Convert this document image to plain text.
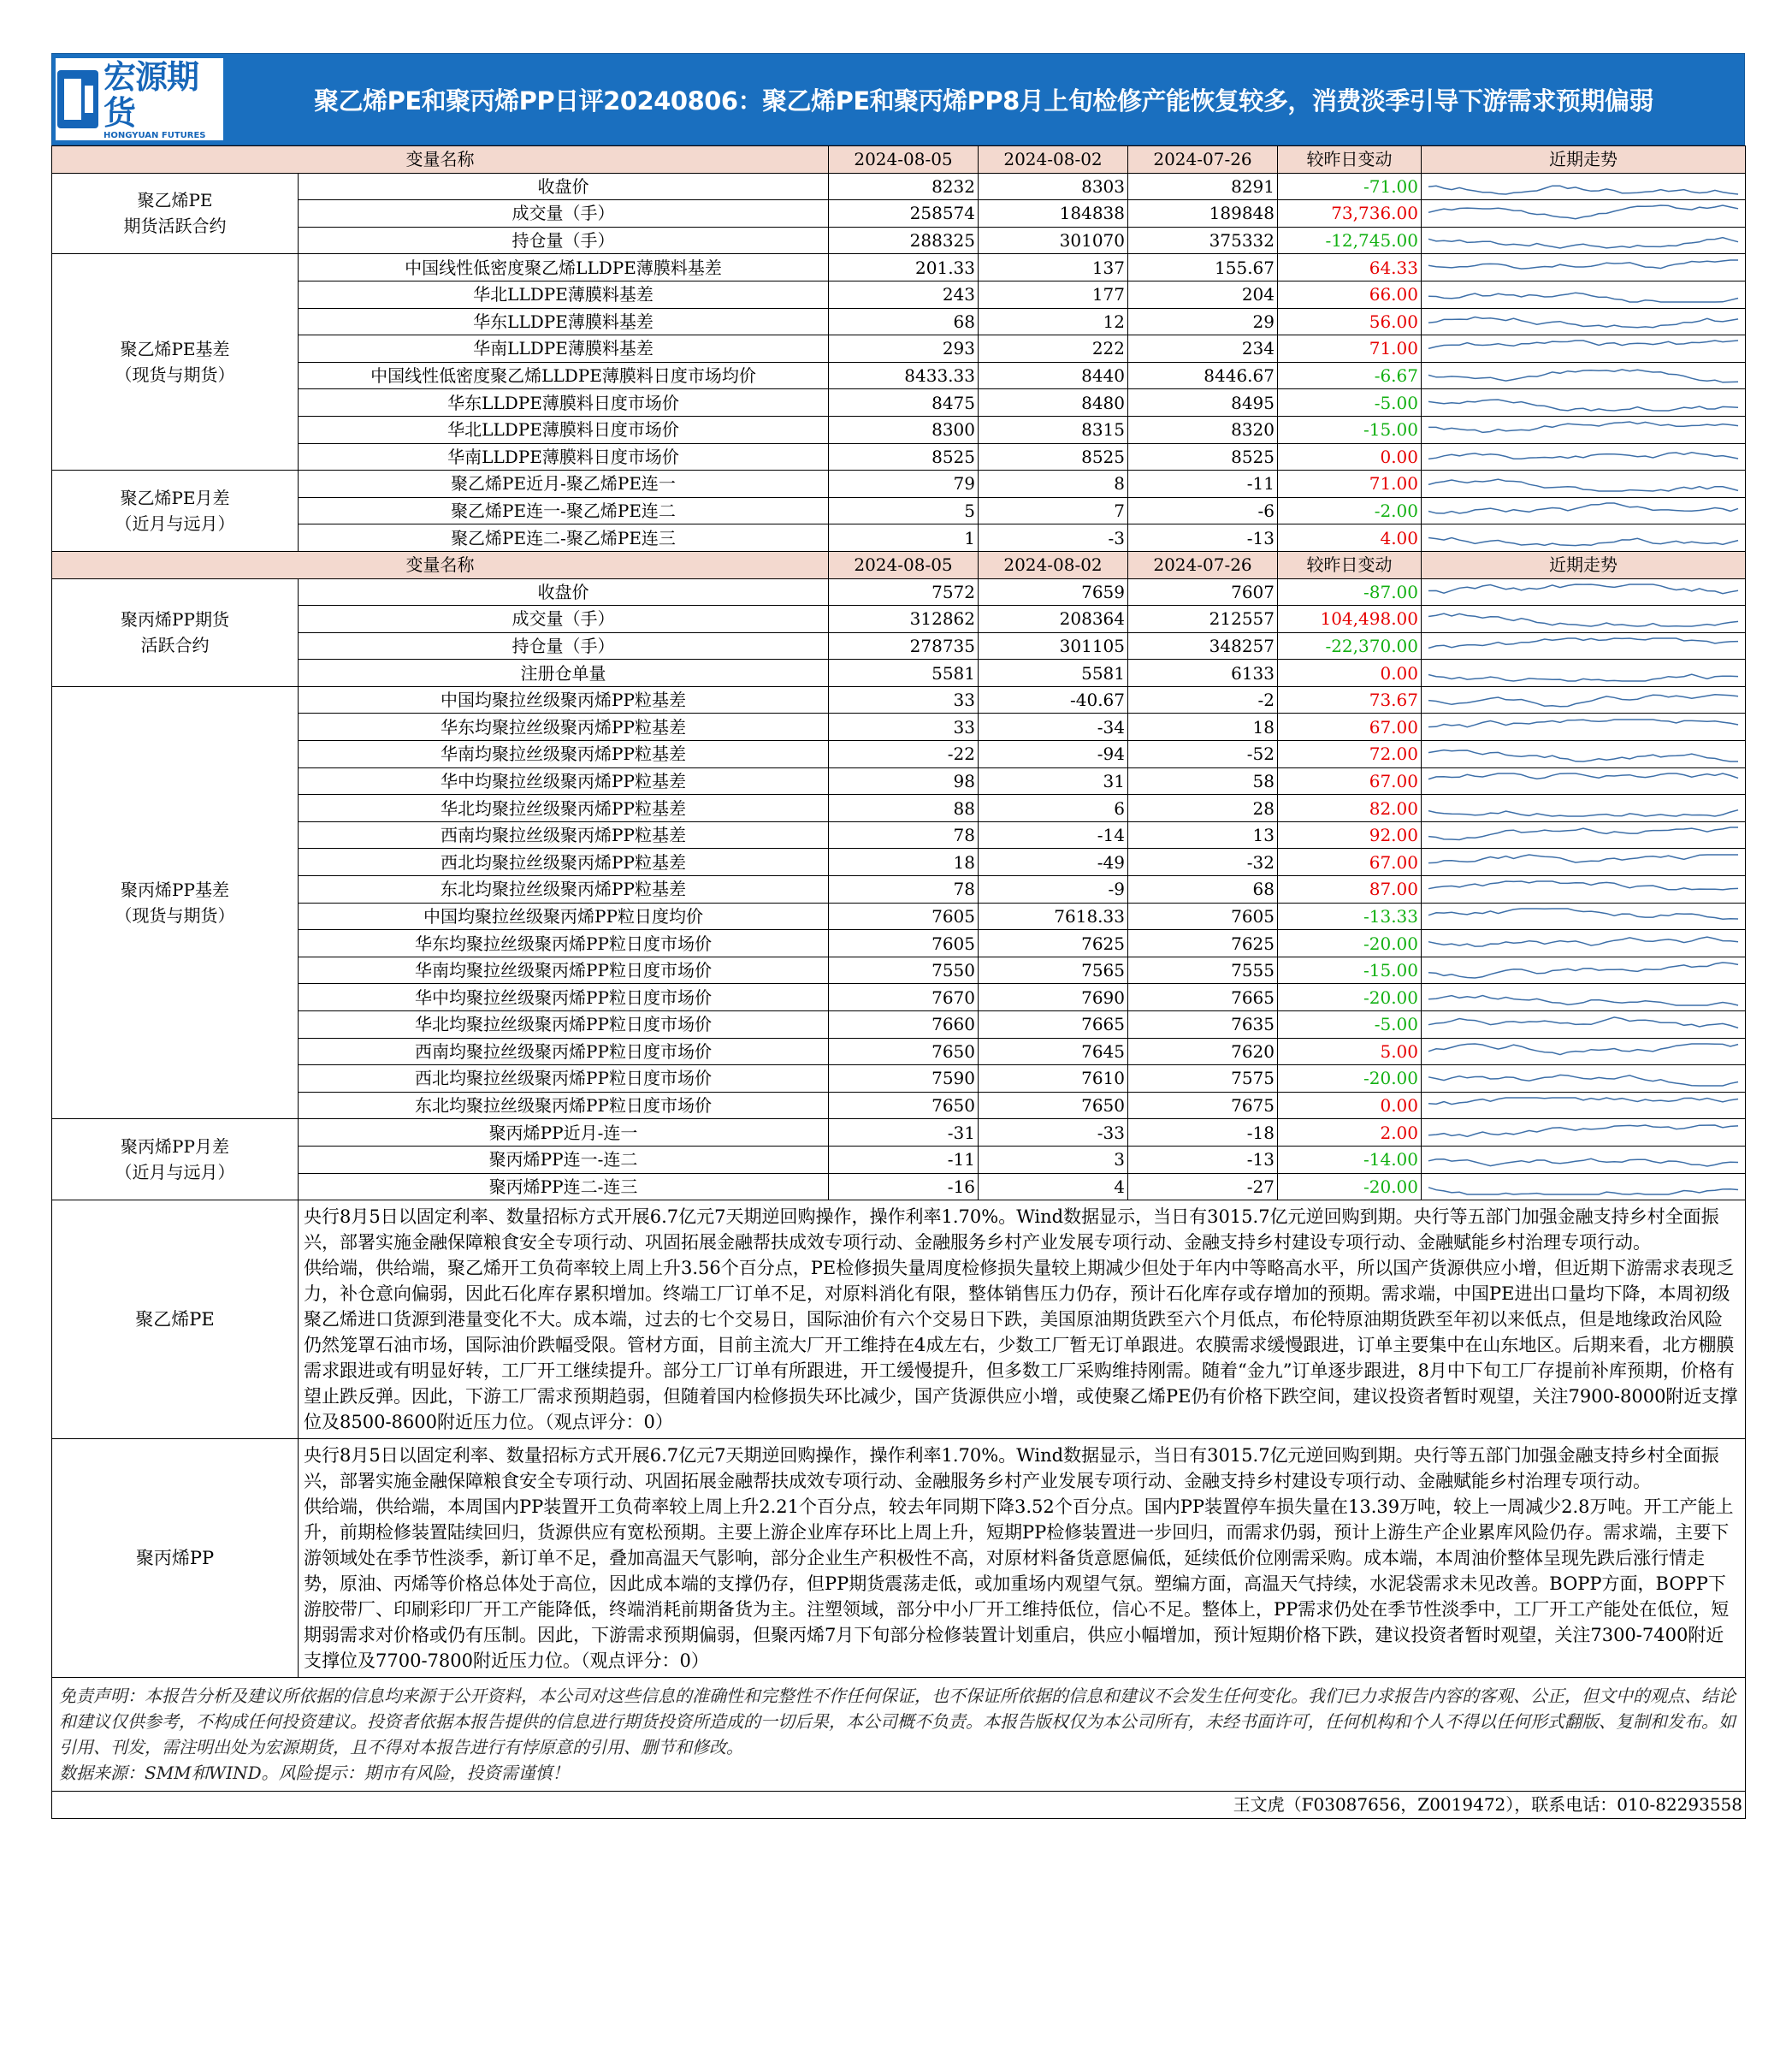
宏源期货
HONGYUAN FUTURES
聚乙烯PE和聚丙烯PP日评20240806：聚乙烯PE和聚丙烯PP8月上旬检修产能恢复较多，消费淡季引导下游需求预期偏弱
变量名称		2024-08-05	2024-08-02	2024-07-26	较昨日变动	近期走势
聚乙烯PE
期货活跃合约	收盘价	8232	8303	8291	-71.00	

	成交量（手）	258574	184838	189848	73,736.00	

	持仓量（手）	288325	301070	375332	-12,745.00	

聚乙烯PE基差
（现货与期货）	中国线性低密度聚乙烯LLDPE薄膜料基差	201.33	137	155.67	64.33	

	华北LLDPE薄膜料基差	243	177	204	66.00	

	华东LLDPE薄膜料基差	68	12	29	56.00	

	华南LLDPE薄膜料基差	293	222	234	71.00	

	中国线性低密度聚乙烯LLDPE薄膜料日度市场均价	8433.33	8440	8446.67	-6.67	

	华东LLDPE薄膜料日度市场价	8475	8480	8495	-5.00	

	华北LLDPE薄膜料日度市场价	8300	8315	8320	-15.00	

	华南LLDPE薄膜料日度市场价	8525	8525	8525	0.00	

聚乙烯PE月差
（近月与远月）	聚乙烯PE近月-聚乙烯PE连一	79	8	-11	71.00	

	聚乙烯PE连一-聚乙烯PE连二	5	7	-6	-2.00	

	聚乙烯PE连二-聚乙烯PE连三	1	-3	-13	4.00	

变量名称		2024-08-05	2024-08-02	2024-07-26	较昨日变动	近期走势
聚丙烯PP期货
活跃合约	收盘价	7572	7659	7607	-87.00	

	成交量（手）	312862	208364	212557	104,498.00	

	持仓量（手）	278735	301105	348257	-22,370.00	

	注册仓单量	5581	5581	6133	0.00	

聚丙烯PP基差
（现货与期货）	中国均聚拉丝级聚丙烯PP粒基差	33	-40.67	-2	73.67	

	华东均聚拉丝级聚丙烯PP粒基差	33	-34	18	67.00	

	华南均聚拉丝级聚丙烯PP粒基差	-22	-94	-52	72.00	

	华中均聚拉丝级聚丙烯PP粒基差	98	31	58	67.00	

	华北均聚拉丝级聚丙烯PP粒基差	88	6	28	82.00	

	西南均聚拉丝级聚丙烯PP粒基差	78	-14	13	92.00	

	西北均聚拉丝级聚丙烯PP粒基差	18	-49	-32	67.00	

	东北均聚拉丝级聚丙烯PP粒基差	78	-9	68	87.00	

	中国均聚拉丝级聚丙烯PP粒日度均价	7605	7618.33	7605	-13.33	

	华东均聚拉丝级聚丙烯PP粒日度市场价	7605	7625	7625	-20.00	

	华南均聚拉丝级聚丙烯PP粒日度市场价	7550	7565	7555	-15.00	

	华中均聚拉丝级聚丙烯PP粒日度市场价	7670	7690	7665	-20.00	

	华北均聚拉丝级聚丙烯PP粒日度市场价	7660	7665	7635	-5.00	

	西南均聚拉丝级聚丙烯PP粒日度市场价	7650	7645	7620	5.00	

	西北均聚拉丝级聚丙烯PP粒日度市场价	7590	7610	7575	-20.00	

	东北均聚拉丝级聚丙烯PP粒日度市场价	7650	7650	7675	0.00	

聚丙烯PP月差
（近月与远月）	聚丙烯PP近月-连一	-31	-33	-18	2.00	

	聚丙烯PP连一-连二	-11	3	-13	-14.00	

	聚丙烯PP连二-连三	-16	4	-27	-20.00	

聚乙烯PE	央行8月5日以固定利率、数量招标方式开展6.7亿元7天期逆回购操作，操作利率1.70%。Wind数据显示，当日有3015.7亿元逆回购到期。央行等五部门加强金融支持乡村全面振兴，部署实施金融保障粮食安全专项行动、巩固拓展金融帮扶成效专项行动、金融服务乡村产业发展专项行动、金融支持乡村建设专项行动、金融赋能乡村治理专项行动。
供给端，供给端，聚乙烯开工负荷率较上周上升3.56个百分点，PE检修损失量周度检修损失量较上期减少但处于年内中等略高水平，所以国产货源供应小增，但近期下游需求表现乏力，补仓意向偏弱，因此石化库存累积增加。终端工厂订单不足，对原料消化有限，整体销售压力仍存，预计石化库存或存增加的预期。需求端，中国PE进出口量均下降，本周初级聚乙烯进口货源到港量变化不大。成本端，过去的七个交易日，国际油价有六个交易日下跌，美国原油期货跌至六个月低点，布伦特原油期货跌至年初以来低点，但是地缘政治风险仍然笼罩石油市场，国际油价跌幅受限。管材方面，目前主流大厂开工维持在4成左右，少数工厂暂无订单跟进。农膜需求缓慢跟进，订单主要集中在山东地区。后期来看，北方棚膜需求跟进或有明显好转，工厂开工继续提升。部分工厂订单有所跟进，开工缓慢提升，但多数工厂采购维持刚需。随着“金九”订单逐步跟进，8月中下旬工厂存提前补库预期，价格有望止跌反弹。因此，下游工厂需求预期趋弱，但随着国内检修损失环比减少，国产货源供应小增，或使聚乙烯PE仍有价格下跌空间，建议投资者暂时观望，关注7900-8000附近支撑位及8500-8600附近压力位。（观点评分：0）					

聚丙烯PP	央行8月5日以固定利率、数量招标方式开展6.7亿元7天期逆回购操作，操作利率1.70%。Wind数据显示，当日有3015.7亿元逆回购到期。央行等五部门加强金融支持乡村全面振兴，部署实施金融保障粮食安全专项行动、巩固拓展金融帮扶成效专项行动、金融服务乡村产业发展专项行动、金融支持乡村建设专项行动、金融赋能乡村治理专项行动。
供给端，供给端，本周国内PP装置开工负荷率较上周上升2.21个百分点，较去年同期下降3.52个百分点。国内PP装置停车损失量在13.39万吨，较上一周减少2.8万吨。开工产能上升，前期检修装置陆续回归，货源供应有宽松预期。主要上游企业库存环比上周上升，短期PP检修装置进一步回归，而需求仍弱，预计上游生产企业累库风险仍存。需求端，主要下游领域处在季节性淡季，新订单不足，叠加高温天气影响，部分企业生产积极性不高，对原材料备货意愿偏低，延续低价位刚需采购。成本端，本周油价整体呈现先跌后涨行情走势，原油、丙烯等价格总体处于高位，因此成本端的支撑仍存，但PP期货震荡走低，或加重场内观望气氛。塑编方面，高温天气持续，水泥袋需求未见改善。BOPP方面，BOPP下游胶带厂、印刷彩印厂开工产能降低，终端消耗前期备货为主。注塑领域，部分中小厂开工维持低位，信心不足。整体上，PP需求仍处在季节性淡季中，工厂开工产能处在低位，短期弱需求对价格或仍有压制。因此，下游需求预期偏弱，但聚丙烯7月下旬部分检修装置计划重启，供应小幅增加，预计短期价格下跌，建议投资者暂时观望，关注7300-7400附近支撑位及7700-7800附近压力位。（观点评分：0）					

免责声明：本报告分析及建议所依据的信息均来源于公开资料，本公司对这些信息的准确性和完整性不作任何保证，也不保证所依据的信息和建议不会发生任何变化。我们已力求报告内容的客观、公正，但文中的观点、结论和建议仅供参考，不构成任何投资建议。投资者依据本报告提供的信息进行期货投资所造成的一切后果，本公司概不负责。本报告版权仅为本公司所有，未经书面许可，任何机构和个人不得以任何形式翻版、复制和发布。如引用、刊发，需注明出处为宏源期货，且不得对本报告进行有悖原意的引用、删节和修改。
数据来源：SMM和WIND。风险提示：期市有风险，投资需谨慎！						

王文虎（F03087656，Z0019472），联系电话：010-82293558						
